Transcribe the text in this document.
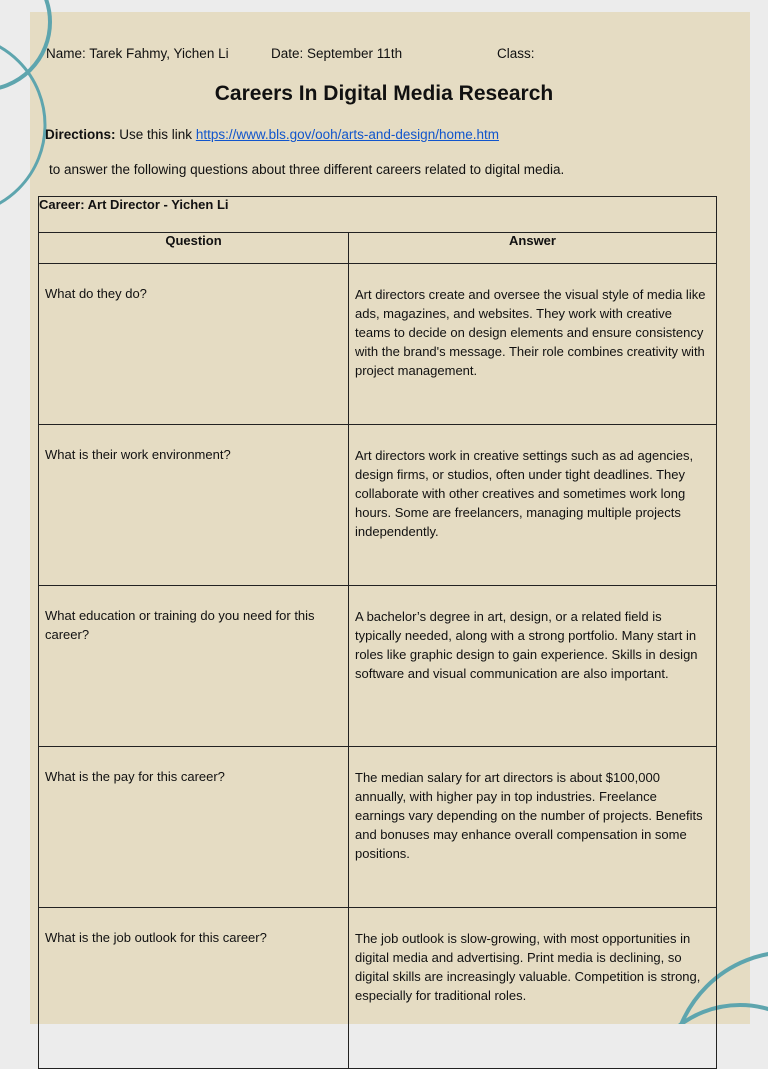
Name: Tarek Fahmy, Yichen Li	Date: September 11th	Class:
Careers In Digital Media Research
Directions: Use this link https://www.bls.gov/ooh/arts-and-design/home.htm
to answer the following questions about three different careers related to digital media.
Career: Art Director - Yichen Li	
Question	Answer
What do they do?	Art directors create and oversee the visual style of media like ads, magazines, and websites. They work with creative teams to decide on design elements and ensure consistency with the brand's message. Their role combines creativity with project management.
What is their work environment?	Art directors work in creative settings such as ad agencies, design firms, or studios, often under tight deadlines. They collaborate with other creatives and sometimes work long hours. Some are freelancers, managing multiple projects independently.
What education or training do you need for this career?	A bachelor’s degree in art, design, or a related field is typically needed, along with a strong portfolio. Many start in roles like graphic design to gain experience. Skills in design software and visual communication are also important.
What is the pay for this career?	The median salary for art directors is about $100,000 annually, with higher pay in top industries. Freelance earnings vary depending on the number of projects. Benefits and bonuses may enhance overall compensation in some positions.
What is the job outlook for this career?	The job outlook is slow-growing, with most opportunities in digital media and advertising. Print media is declining, so digital skills are increasingly valuable. Competition is strong, especially for traditional roles.
